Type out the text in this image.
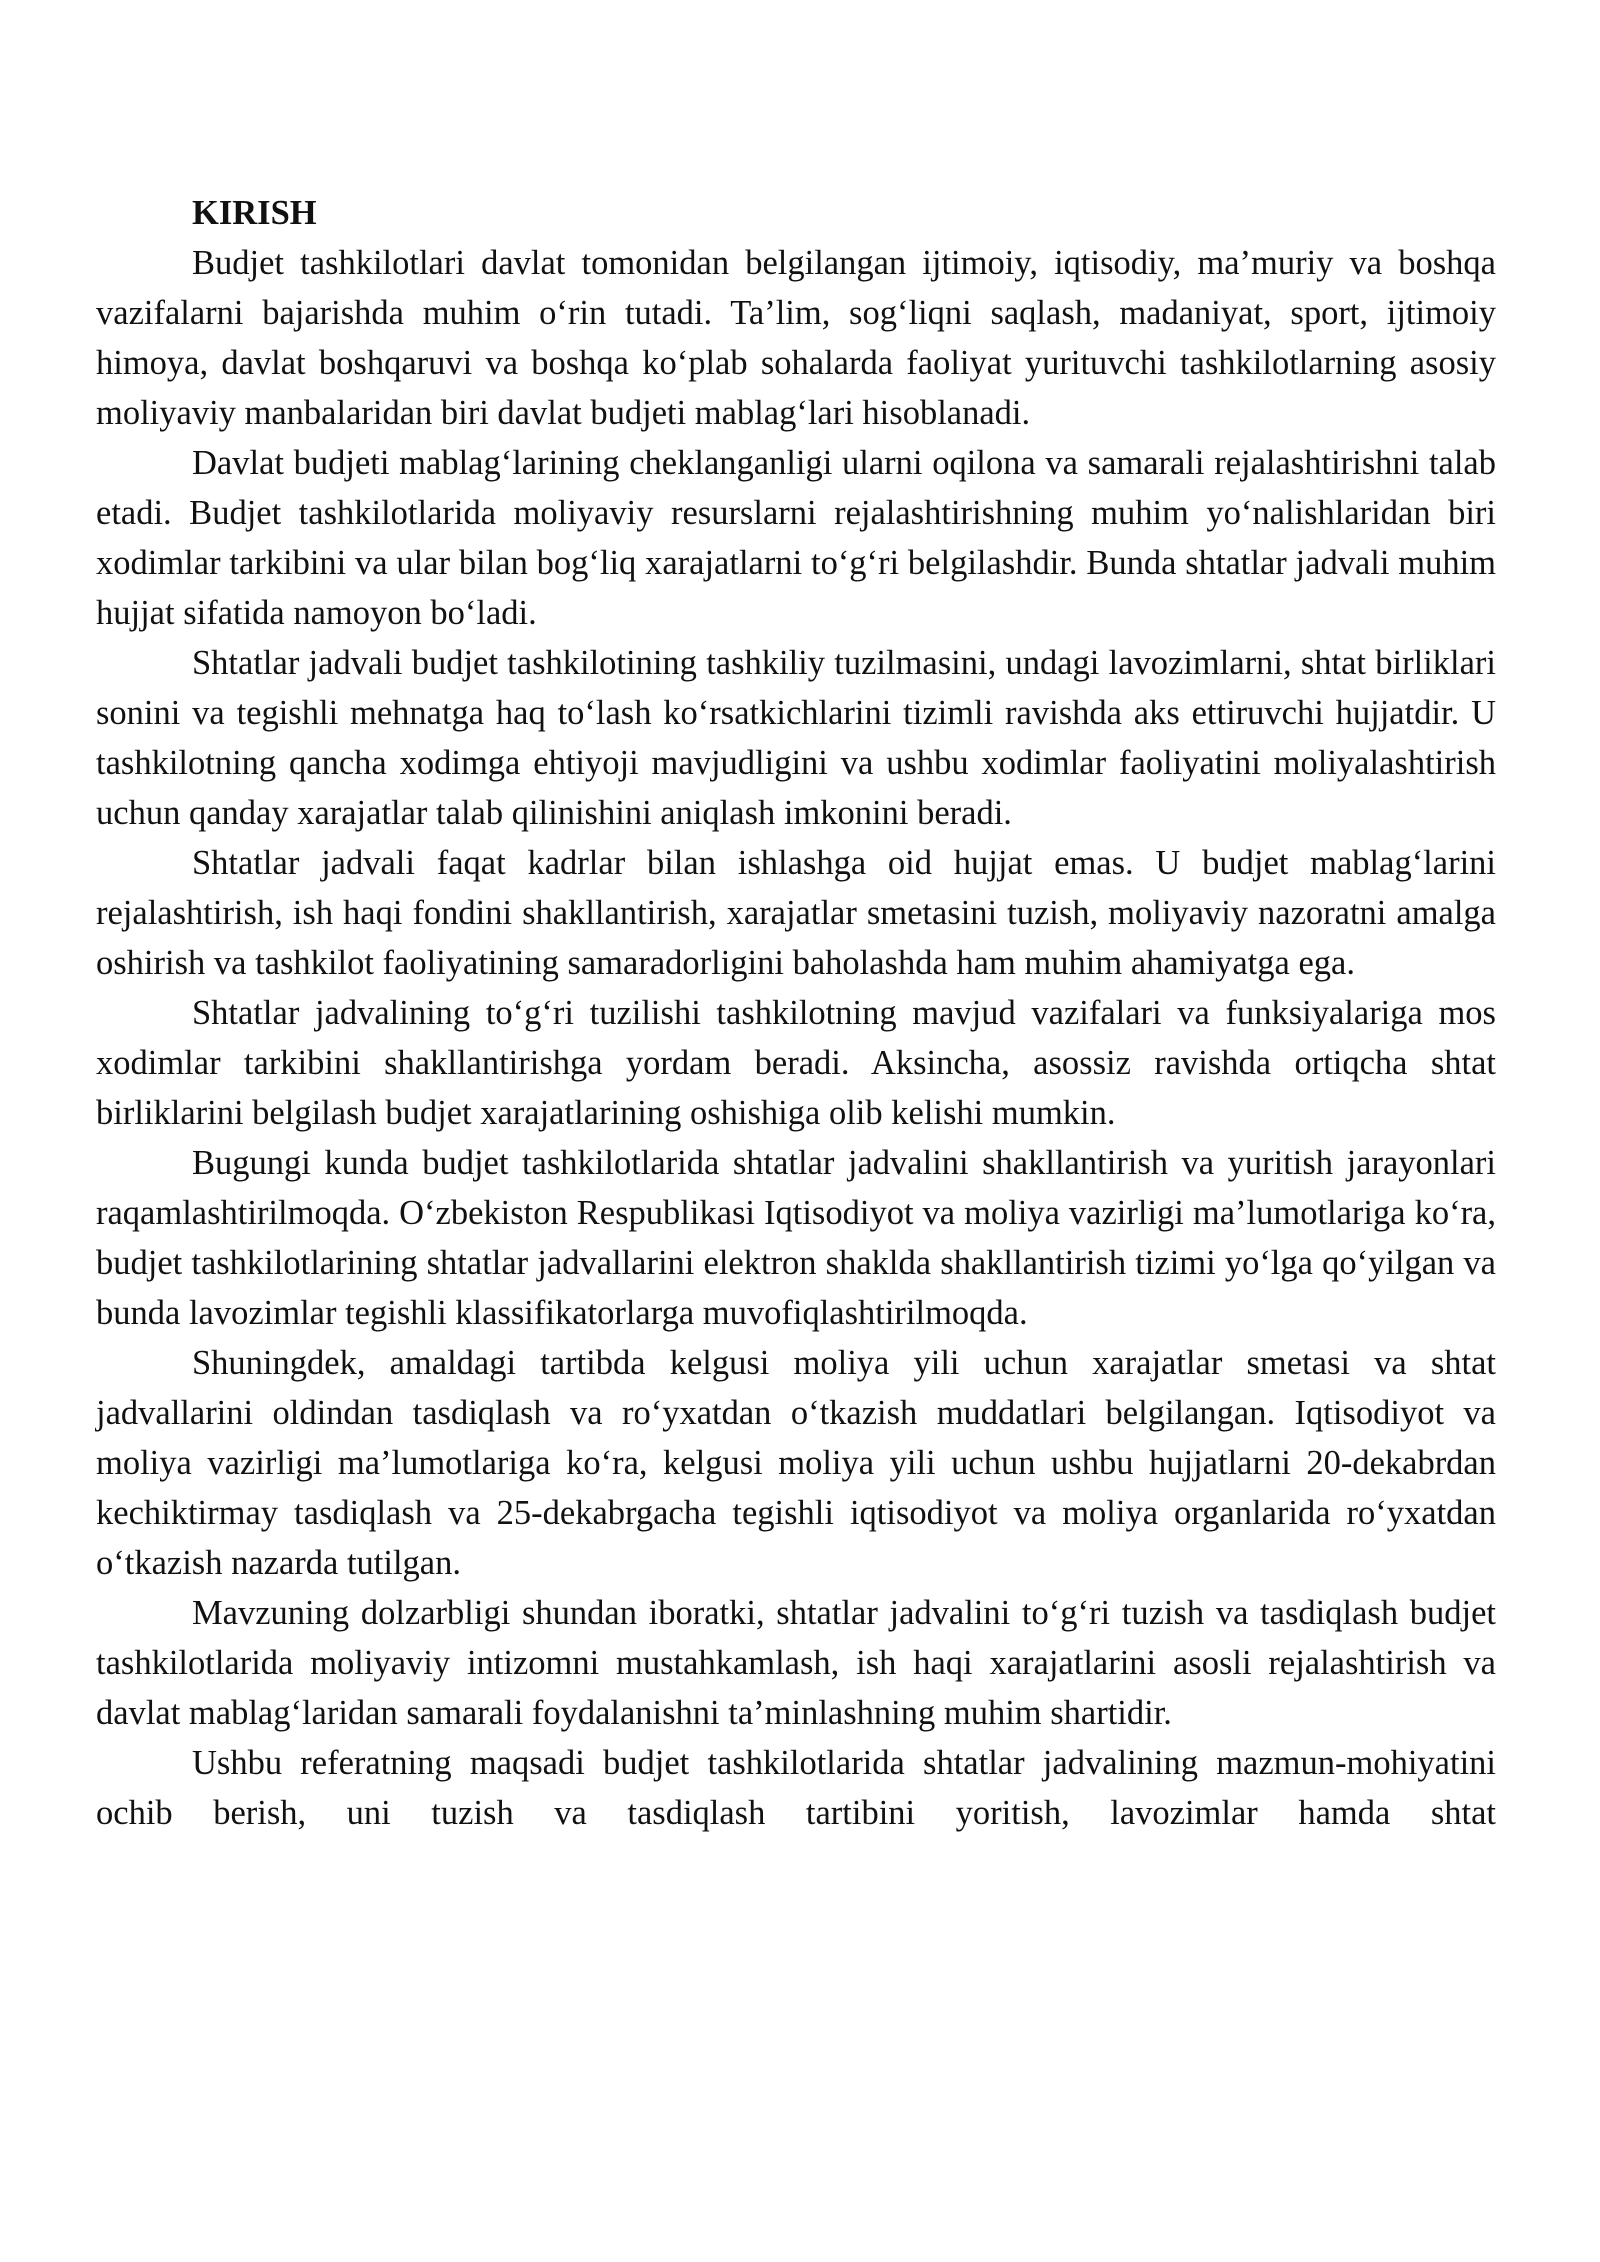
KIRISH

Budjet tashkilotlari davlat tomonidan belgilangan ijtimoiy, iqtisodiy, ma’muriy va boshqa vazifalarni bajarishda muhim o‘rin tutadi. Ta’lim, sog‘liqni saqlash, madaniyat, sport, ijtimoiy himoya, davlat boshqaruvi va boshqa ko‘plab sohalarda faoliyat yurituvchi tashkilotlarning asosiy moliyaviy manbalaridan biri davlat budjeti mablag‘lari hisoblanadi.

Davlat budjeti mablag‘larining cheklanganligi ularni oqilona va samarali rejalashtirishni talab etadi. Budjet tashkilotlarida moliyaviy resurslarni rejalashtirishning muhim yo‘nalishlaridan biri xodimlar tarkibini va ular bilan bog‘liq xarajatlarni to‘g‘ri belgilashdir. Bunda shtatlar jadvali muhim hujjat sifatida namoyon bo‘ladi.

Shtatlar jadvali budjet tashkilotining tashkiliy tuzilmasini, undagi lavozimlarni, shtat birliklari sonini va tegishli mehnatga haq to‘lash ko‘rsatkichlarini tizimli ravishda aks ettiruvchi hujjatdir. U tashkilotning qancha xodimga ehtiyoji mavjudligini va ushbu xodimlar faoliyatini moliyalashtirish uchun qanday xarajatlar talab qilinishini aniqlash imkonini beradi.

Shtatlar jadvali faqat kadrlar bilan ishlashga oid hujjat emas. U budjet mablag‘larini rejalashtirish, ish haqi fondini shakllantirish, xarajatlar smetasini tuzish, moliyaviy nazoratni amalga oshirish va tashkilot faoliyatining samaradorligini baholashda ham muhim ahamiyatga ega.

Shtatlar jadvalining to‘g‘ri tuzilishi tashkilotning mavjud vazifalari va funksiyalariga mos xodimlar tarkibini shakllantirishga yordam beradi. Aksincha, asossiz ravishda ortiqcha shtat birliklarini belgilash budjet xarajatlarining oshishiga olib kelishi mumkin.

Bugungi kunda budjet tashkilotlarida shtatlar jadvalini shakllantirish va yuritish jarayonlari raqamlashtirilmoqda. O‘zbekiston Respublikasi Iqtisodiyot va moliya vazirligi ma’lumotlariga ko‘ra, budjet tashkilotlarining shtatlar jadvallarini elektron shaklda shakllantirish tizimi yo‘lga qo‘yilgan va bunda lavozimlar tegishli klassifikatorlarga muvofiqlashtirilmoqda.

Shuningdek, amaldagi tartibda kelgusi moliya yili uchun xarajatlar smetasi va shtat jadvallarini oldindan tasdiqlash va ro‘yxatdan o‘tkazish muddatlari belgilangan. Iqtisodiyot va moliya vazirligi ma’lumotlariga ko‘ra, kelgusi moliya yili uchun ushbu hujjatlarni 20-dekabrdan kechiktirmay tasdiqlash va 25-dekabrgacha tegishli iqtisodiyot va moliya organlarida ro‘yxatdan o‘tkazish nazarda tutilgan.

Mavzuning dolzarbligi shundan iboratki, shtatlar jadvalini to‘g‘ri tuzish va tasdiqlash budjet tashkilotlarida moliyaviy intizomni mustahkamlash, ish haqi xarajatlarini asosli rejalashtirish va davlat mablag‘laridan samarali foydalanishni ta’minlashning muhim shartidir.

Ushbu referatning maqsadi budjet tashkilotlarida shtatlar jadvalining mazmun-mohiyatini ochib berish, uni tuzish va tasdiqlash tartibini yoritish, lavozimlar hamda shtat
